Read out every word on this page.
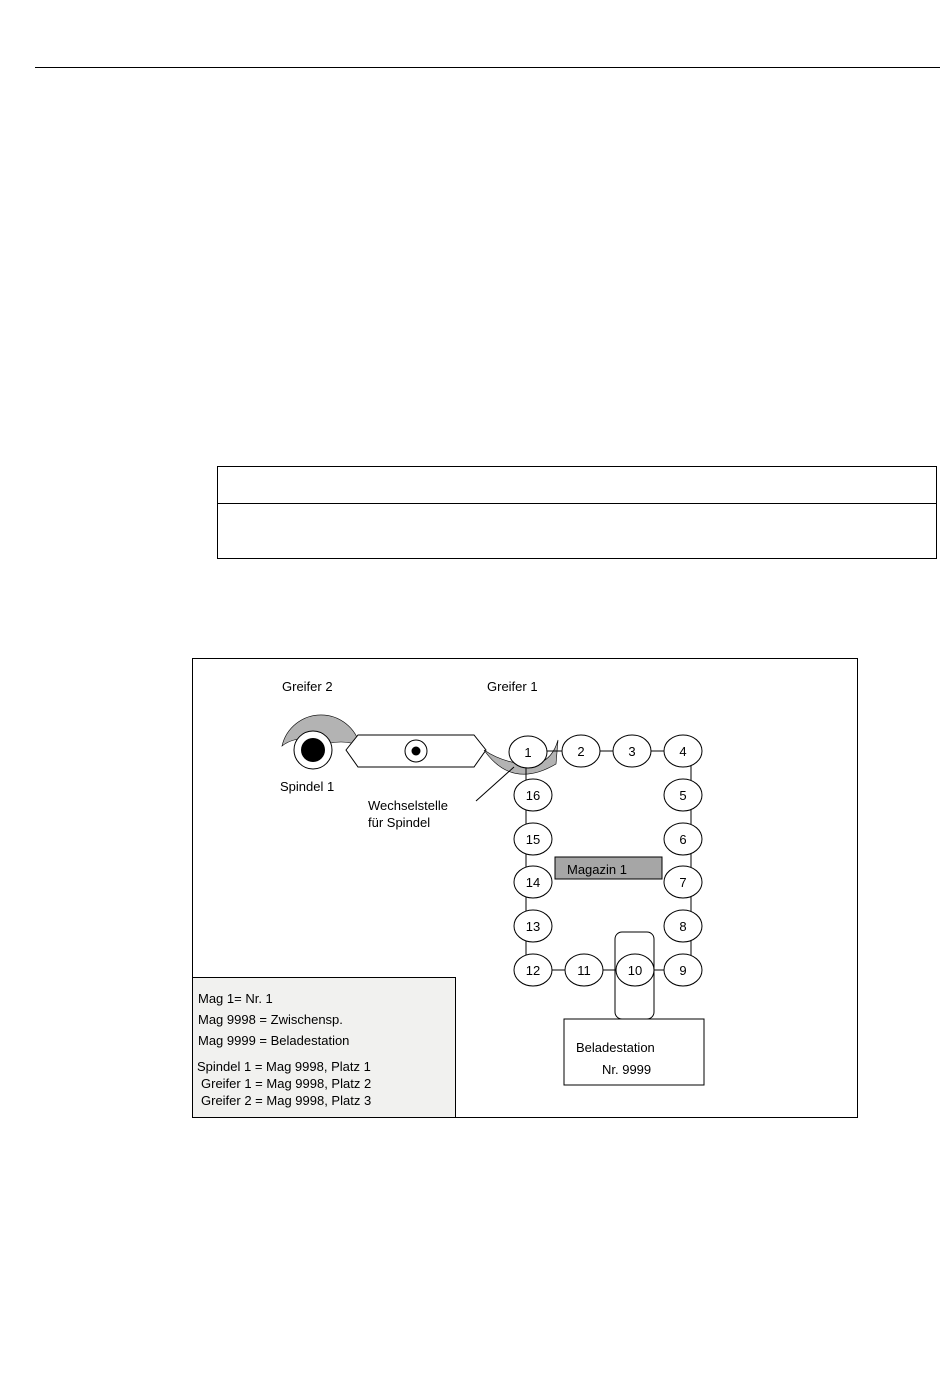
Magazin 1
1	2	3	4
5
6
7
8
9
10
11
12
13
14
15
16
Beladestation
Nr. 9999
Greifer 2	Greifer 1
Spindel 1
Wechselstelle
für Spindel
Mag 1= Nr. 1
Mag 9998 = Zwischensp.
Mag 9999 = Beladestation
Spindel 1 = Mag 9998, Platz 1
Greifer 1 = Mag 9998, Platz 2
Greifer 2 = Mag 9998, Platz 3
